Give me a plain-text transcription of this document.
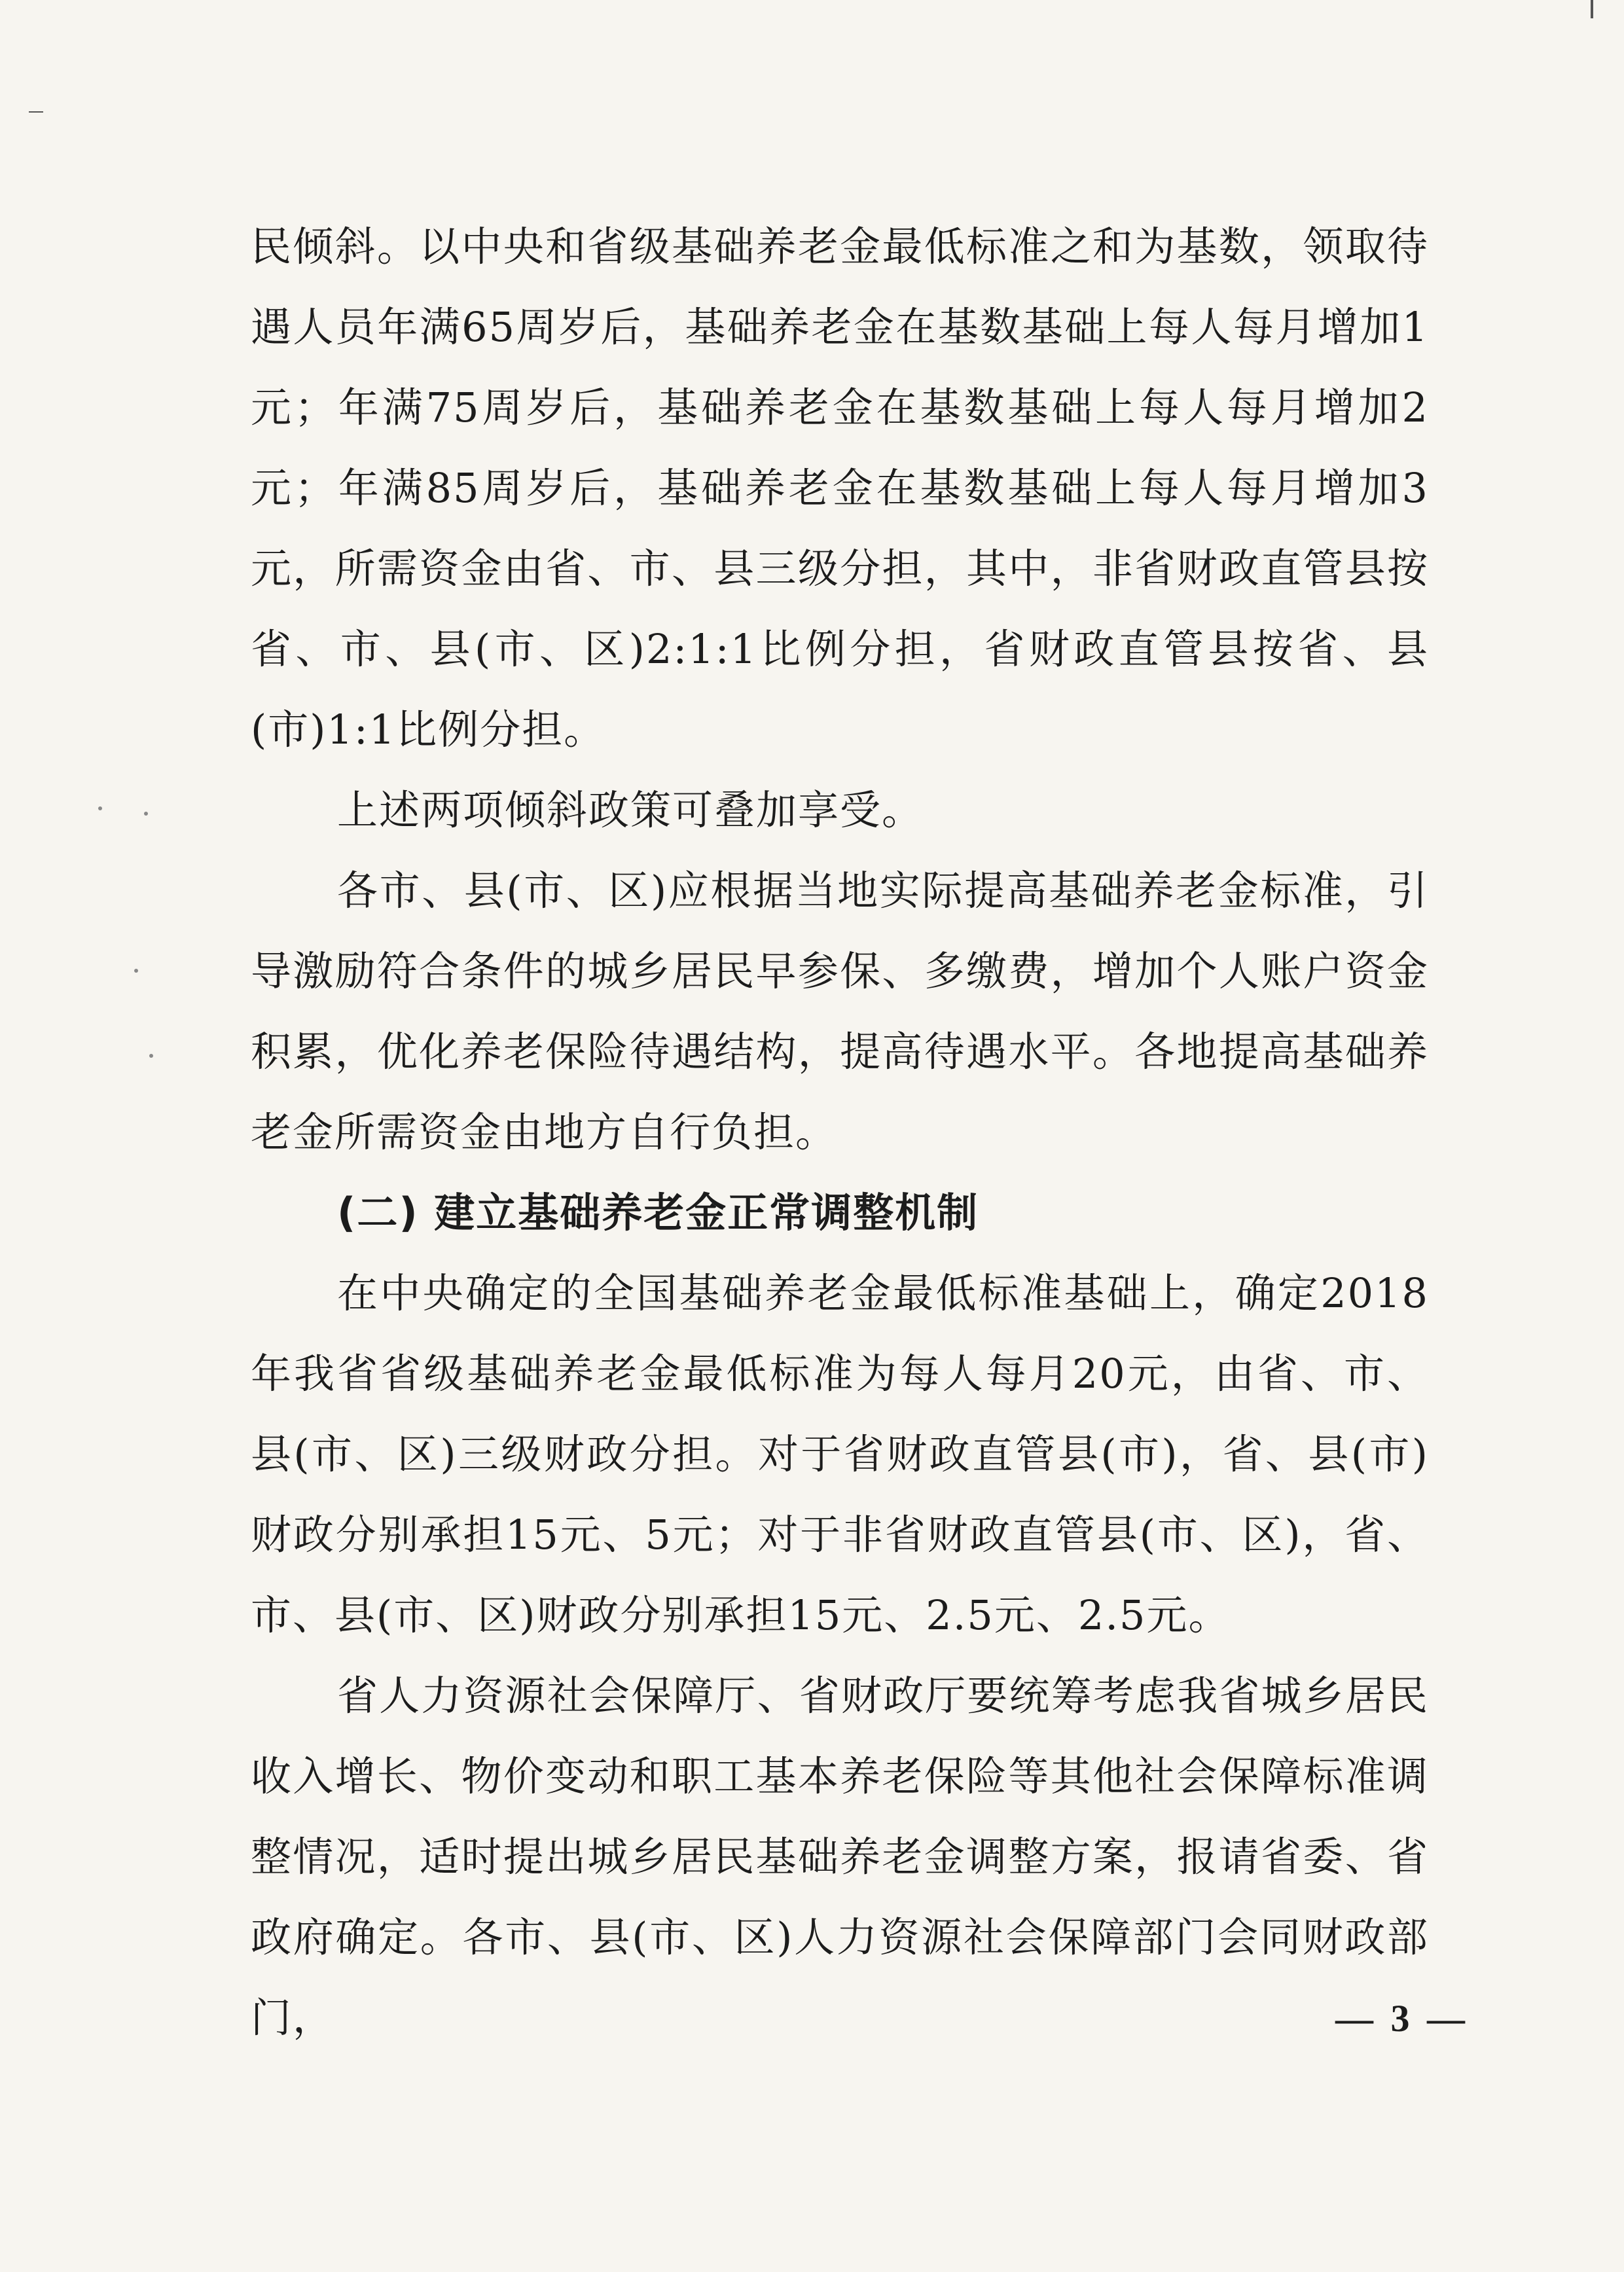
民倾斜。以中央和省级基础养老金最低标准之和为基数，领取待遇人员年满65周岁后，基础养老金在基数基础上每人每月增加1元；年满75周岁后，基础养老金在基数基础上每人每月增加2元；年满85周岁后，基础养老金在基数基础上每人每月增加3元，所需资金由省、市、县三级分担，其中，非省财政直管县按省、市、县(市、区)2:1:1比例分担，省财政直管县按省、县(市)1:1比例分担。

上述两项倾斜政策可叠加享受。

各市、县(市、区)应根据当地实际提高基础养老金标准，引导激励符合条件的城乡居民早参保、多缴费，增加个人账户资金积累，优化养老保险待遇结构，提高待遇水平。各地提高基础养老金所需资金由地方自行负担。

(二) 建立基础养老金正常调整机制

在中央确定的全国基础养老金最低标准基础上，确定2018年我省省级基础养老金最低标准为每人每月20元，由省、市、县(市、区)三级财政分担。对于省财政直管县(市)，省、县(市)财政分别承担15元、5元；对于非省财政直管县(市、区)，省、市、县(市、区)财政分别承担15元、2.5元、2.5元。

省人力资源社会保障厅、省财政厅要统筹考虑我省城乡居民收入增长、物价变动和职工基本养老保险等其他社会保障标准调整情况，适时提出城乡居民基础养老金调整方案，报请省委、省政府确定。各市、县(市、区)人力资源社会保障部门会同财政部门，	— 3 —
